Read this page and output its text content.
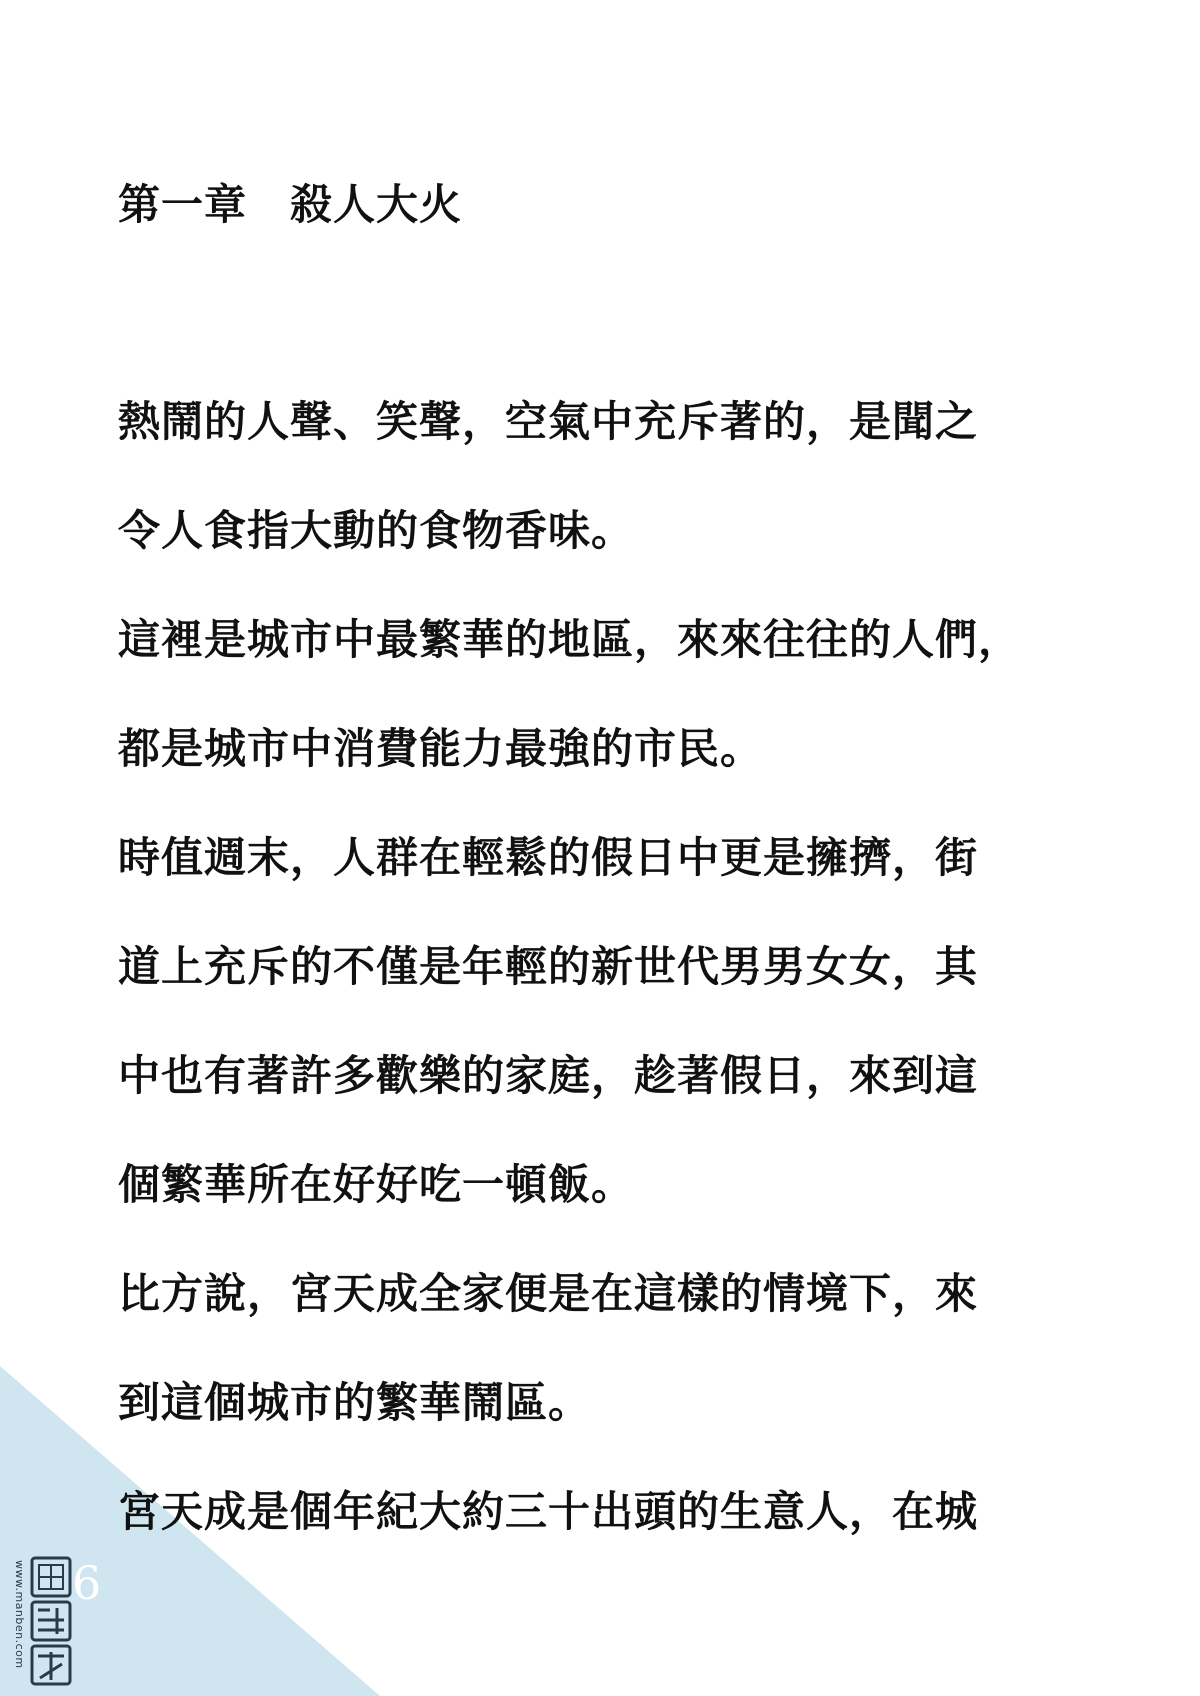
第一章　殺人大火
熱鬧的人聲、笑聲，空氣中充斥著的，是聞之
令人食指大動的食物香味。
這裡是城市中最繁華的地區，來來往往的人們，
都是城市中消費能力最強的市民。
時值週末，人群在輕鬆的假日中更是擁擠，街
道上充斥的不僅是年輕的新世代男男女女，其
中也有著許多歡樂的家庭，趁著假日，來到這
個繁華所在好好吃一頓飯。
比方說，宮天成全家便是在這樣的情境下，來
到這個城市的繁華鬧區。
宮天成是個年紀大約三十出頭的生意人，在城
www.manben.com 6
